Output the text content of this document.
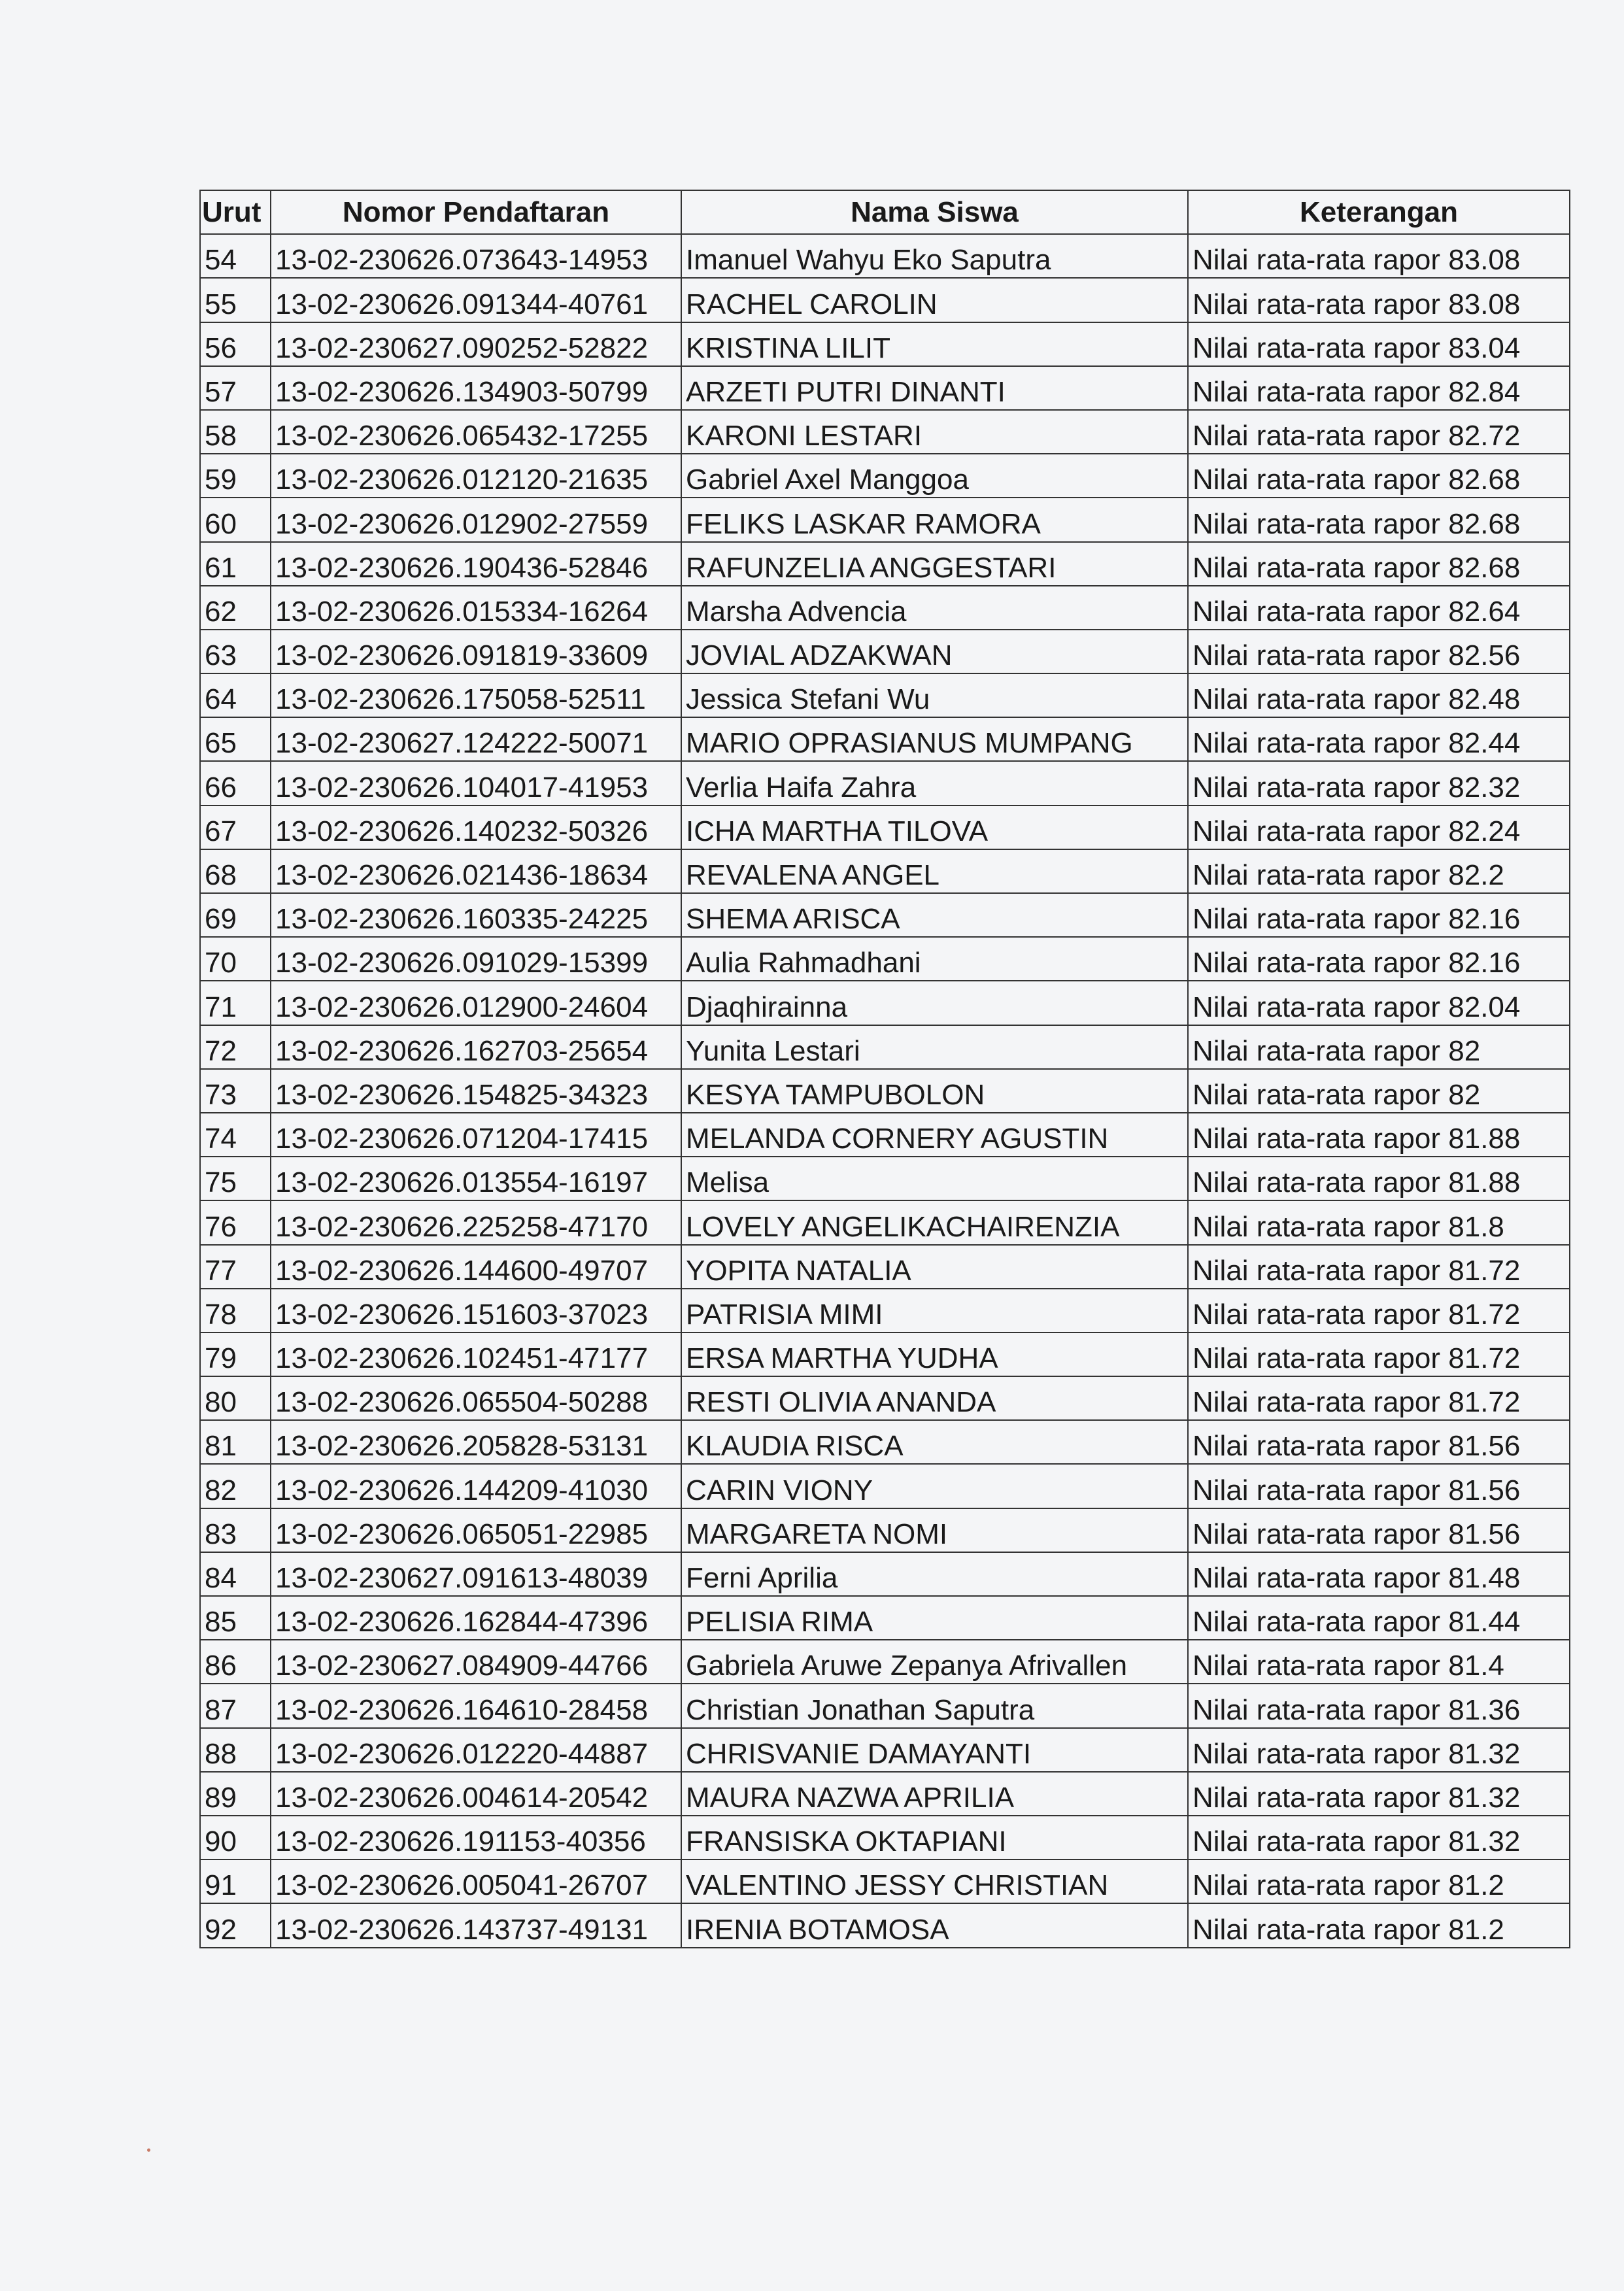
Urut	Nomor Pendaftaran	Nama Siswa	Keterangan
54	13-02-230626.073643-14953	Imanuel Wahyu Eko Saputra	Nilai rata-rata rapor 83.08
55	13-02-230626.091344-40761	RACHEL CAROLIN	Nilai rata-rata rapor 83.08
56	13-02-230627.090252-52822	KRISTINA LILIT	Nilai rata-rata rapor 83.04
57	13-02-230626.134903-50799	ARZETI PUTRI DINANTI	Nilai rata-rata rapor 82.84
58	13-02-230626.065432-17255	KARONI LESTARI	Nilai rata-rata rapor 82.72
59	13-02-230626.012120-21635	Gabriel Axel Manggoa	Nilai rata-rata rapor 82.68
60	13-02-230626.012902-27559	FELIKS LASKAR RAMORA	Nilai rata-rata rapor 82.68
61	13-02-230626.190436-52846	RAFUNZELIA ANGGESTARI	Nilai rata-rata rapor 82.68
62	13-02-230626.015334-16264	Marsha Advencia	Nilai rata-rata rapor 82.64
63	13-02-230626.091819-33609	JOVIAL ADZAKWAN	Nilai rata-rata rapor 82.56
64	13-02-230626.175058-52511	Jessica Stefani Wu	Nilai rata-rata rapor 82.48
65	13-02-230627.124222-50071	MARIO OPRASIANUS MUMPANG	Nilai rata-rata rapor 82.44
66	13-02-230626.104017-41953	Verlia Haifa Zahra	Nilai rata-rata rapor 82.32
67	13-02-230626.140232-50326	ICHA MARTHA TILOVA	Nilai rata-rata rapor 82.24
68	13-02-230626.021436-18634	REVALENA ANGEL	Nilai rata-rata rapor 82.2
69	13-02-230626.160335-24225	SHEMA ARISCA	Nilai rata-rata rapor 82.16
70	13-02-230626.091029-15399	Aulia Rahmadhani	Nilai rata-rata rapor 82.16
71	13-02-230626.012900-24604	Djaqhirainna	Nilai rata-rata rapor 82.04
72	13-02-230626.162703-25654	Yunita Lestari	Nilai rata-rata rapor 82
73	13-02-230626.154825-34323	KESYA TAMPUBOLON	Nilai rata-rata rapor 82
74	13-02-230626.071204-17415	MELANDA CORNERY AGUSTIN	Nilai rata-rata rapor 81.88
75	13-02-230626.013554-16197	Melisa	Nilai rata-rata rapor 81.88
76	13-02-230626.225258-47170	LOVELY ANGELIKACHAIRENZIA	Nilai rata-rata rapor 81.8
77	13-02-230626.144600-49707	YOPITA NATALIA	Nilai rata-rata rapor 81.72
78	13-02-230626.151603-37023	PATRISIA MIMI	Nilai rata-rata rapor 81.72
79	13-02-230626.102451-47177	ERSA MARTHA YUDHA	Nilai rata-rata rapor 81.72
80	13-02-230626.065504-50288	RESTI OLIVIA ANANDA	Nilai rata-rata rapor 81.72
81	13-02-230626.205828-53131	KLAUDIA RISCA	Nilai rata-rata rapor 81.56
82	13-02-230626.144209-41030	CARIN VIONY	Nilai rata-rata rapor 81.56
83	13-02-230626.065051-22985	MARGARETA NOMI	Nilai rata-rata rapor 81.56
84	13-02-230627.091613-48039	Ferni Aprilia	Nilai rata-rata rapor 81.48
85	13-02-230626.162844-47396	PELISIA RIMA	Nilai rata-rata rapor 81.44
86	13-02-230627.084909-44766	Gabriela Aruwe Zepanya Afrivallen	Nilai rata-rata rapor 81.4
87	13-02-230626.164610-28458	Christian Jonathan Saputra	Nilai rata-rata rapor 81.36
88	13-02-230626.012220-44887	CHRISVANIE DAMAYANTI	Nilai rata-rata rapor 81.32
89	13-02-230626.004614-20542	MAURA NAZWA APRILIA	Nilai rata-rata rapor 81.32
90	13-02-230626.191153-40356	FRANSISKA OKTAPIANI	Nilai rata-rata rapor 81.32
91	13-02-230626.005041-26707	VALENTINO JESSY CHRISTIAN	Nilai rata-rata rapor 81.2
92	13-02-230626.143737-49131	IRENIA BOTAMOSA	Nilai rata-rata rapor 81.2
